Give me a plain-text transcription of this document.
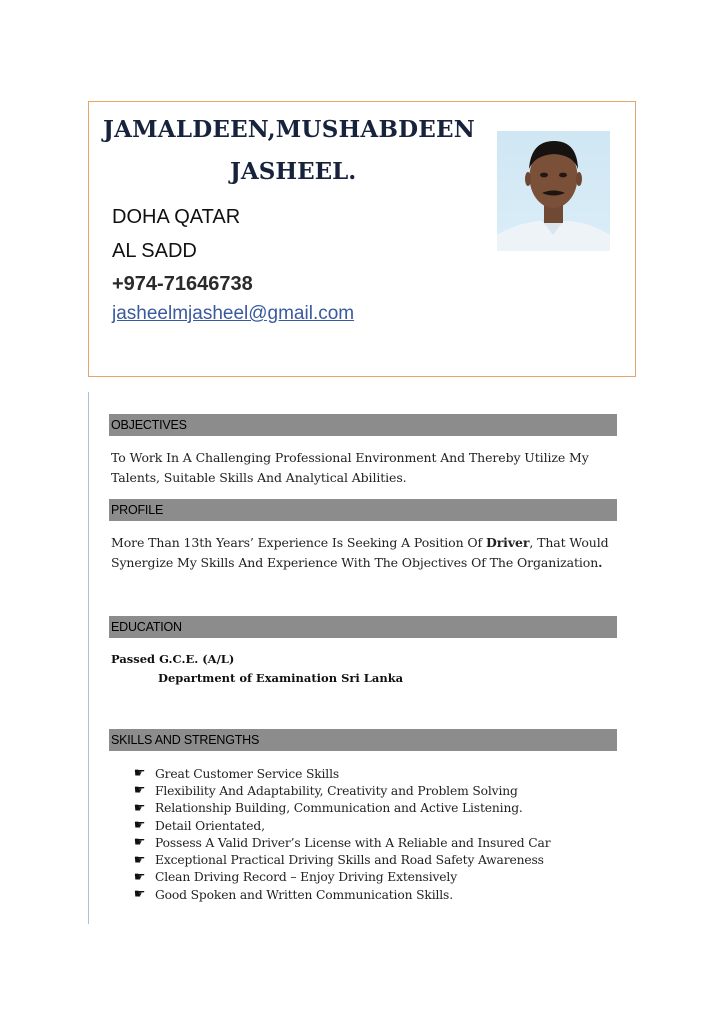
JAMALDEEN,MUSHABDEEN
JASHEEL.
DOHA QATAR
AL SADD
+974-71646738
jasheelmjasheel@gmail.com
OBJECTIVES
To Work In A Challenging Professional Environment And Thereby Utilize My
Talents, Suitable Skills And Analytical Abilities.
PROFILE
More Than 13th Years’ Experience Is Seeking A Position Of Driver, That Would
Synergize My Skills And Experience With The Objectives Of The Organization.
EDUCATION
Passed G.C.E. (A/L)
Department of Examination Sri Lanka
SKILLS AND STRENGTHS
☛ Great Customer Service Skills
☛ Flexibility And Adaptability, Creativity and Problem Solving
☛ Relationship Building, Communication and Active Listening.
☛ Detail Orientated,
☛ Possess A Valid Driver’s License with A Reliable and Insured Car
☛ Exceptional Practical Driving Skills and Road Safety Awareness
☛ Clean Driving Record – Enjoy Driving Extensively
☛ Good Spoken and Written Communication Skills.
